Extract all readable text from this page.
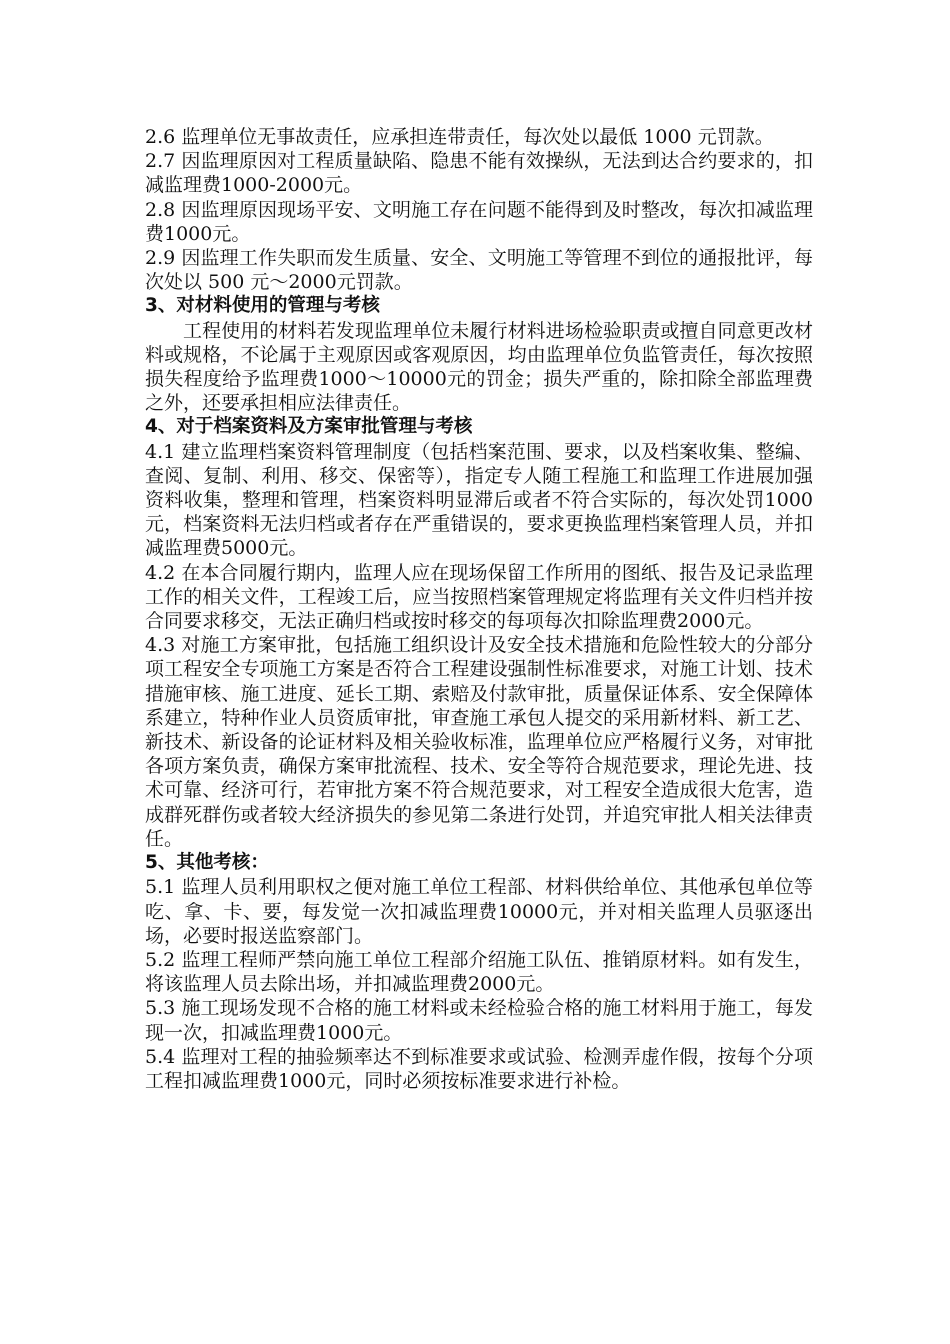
2.6 监理单位无事故责任，应承担连带责任，每次处以最低 1000 元罚款。

2.7 因监理原因对工程质量缺陷、隐患不能有效操纵，无法到达合约要求的，扣减监理费1000-2000元。

2.8 因监理原因现场平安、文明施工存在问题不能得到及时整改，每次扣减监理费1000元。

2.9 因监理工作失职而发生质量、安全、文明施工等管理不到位的通报批评，每次处以 500 元～2000元罚款。

3、对材料使用的管理与考核

工程使用的材料若发现监理单位未履行材料进场检验职责或擅自同意更改材料或规格，不论属于主观原因或客观原因，均由监理单位负监管责任，每次按照损失程度给予监理费1000～10000元的罚金；损失严重的，除扣除全部监理费之外，还要承担相应法律责任。

4、对于档案资料及方案审批管理与考核

4.1 建立监理档案资料管理制度（包括档案范围、要求，以及档案收集、整编、查阅、复制、利用、移交、保密等），指定专人随工程施工和监理工作进展加强资料收集，整理和管理，档案资料明显滞后或者不符合实际的，每次处罚1000元，档案资料无法归档或者存在严重错误的，要求更换监理档案管理人员，并扣减监理费5000元。

4.2 在本合同履行期内，监理人应在现场保留工作所用的图纸、报告及记录监理工作的相关文件，工程竣工后，应当按照档案管理规定将监理有关文件归档并按合同要求移交，无法正确归档或按时移交的每项每次扣除监理费2000元。

4.3 对施工方案审批，包括施工组织设计及安全技术措施和危险性较大的分部分项工程安全专项施工方案是否符合工程建设强制性标准要求，对施工计划、技术措施审核、施工进度、延长工期、索赔及付款审批，质量保证体系、安全保障体系建立，特种作业人员资质审批，审查施工承包人提交的采用新材料、新工艺、新技术、新设备的论证材料及相关验收标准，监理单位应严格履行义务，对审批各项方案负责，确保方案审批流程、技术、安全等符合规范要求，理论先进、技术可靠、经济可行，若审批方案不符合规范要求，对工程安全造成很大危害，造成群死群伤或者较大经济损失的参见第二条进行处罚，并追究审批人相关法律责任。

5、其他考核：

5.1 监理人员利用职权之便对施工单位工程部、材料供给单位、其他承包单位等吃、拿、卡、要，每发觉一次扣减监理费10000元，并对相关监理人员驱逐出场，必要时报送监察部门。

5.2 监理工程师严禁向施工单位工程部介绍施工队伍、推销原材料。如有发生，将该监理人员去除出场，并扣减监理费2000元。

5.3 施工现场发现不合格的施工材料或未经检验合格的施工材料用于施工，每发现一次，扣减监理费1000元。

5.4 监理对工程的抽验频率达不到标准要求或试验、检测弄虚作假，按每个分项工程扣减监理费1000元，同时必须按标准要求进行补检。
